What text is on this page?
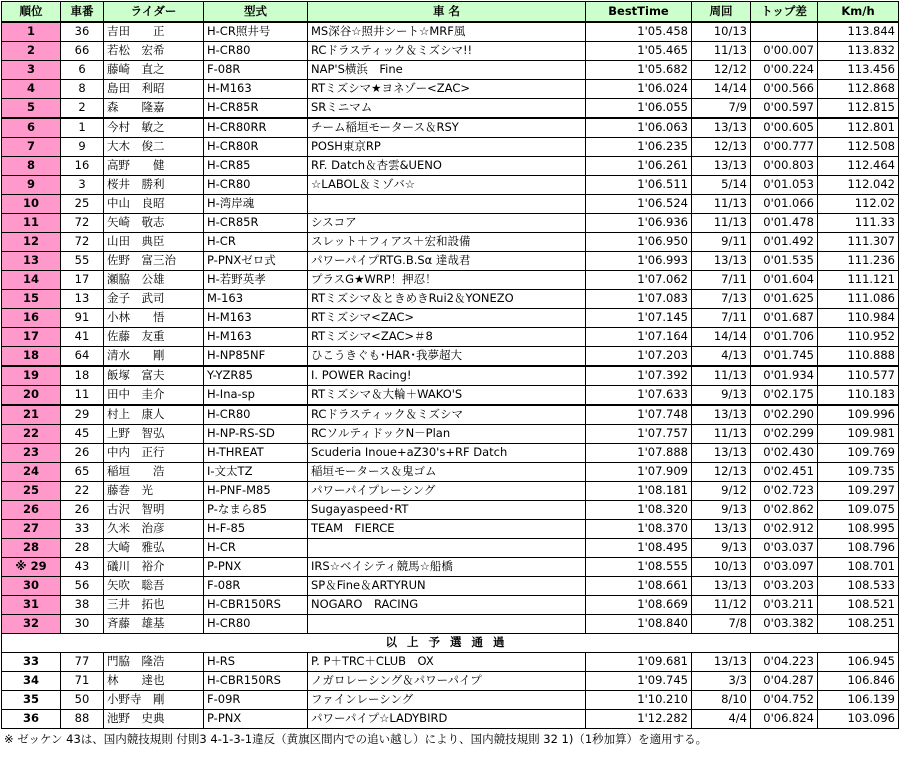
順位	車番	ライダー	型式	車 名	BestTime	周回	トップ差	Km/h
1	36	吉田　　正	H-CR照井号	MS深谷☆照井シート☆MRF風	1'05.458	10/13		113.844
2	66	若松　宏希	H-CR80	RCドラスティック＆ミズシマ!!	1'05.465	11/13	0'00.007	113.832
3	6	藤崎　直之	F-08R	NAP'S横浜　Fine	1'05.682	12/12	0'00.224	113.456
4	8	島田　利昭	H-M163	RTミズシマ★ヨネゾー<ZAC>	1'06.024	14/14	0'00.566	112.868
5	2	森　　隆嘉	H-CR85R	SRミニマム	1'06.055	7/9	0'00.597	112.815
6	1	今村　敏之	H-CR80RR	チーム稲垣モータース＆RSY	1'06.063	13/13	0'00.605	112.801
7	9	大木　俊二	H-CR80R	POSH東京RP	1'06.235	12/13	0'00.777	112.508
8	16	高野　　健	H-CR85	RF. Datch＆杏雲&UENO	1'06.261	13/13	0'00.803	112.464
9	3	桜井　勝利	H-CR80	☆LABOL＆ミゾバ☆	1'06.511	5/14	0'01.053	112.042
10	25	中山　良昭	H-湾岸魂		1'06.524	11/13	0'01.066	112.02
11	72	矢崎　敬志	H-CR85R	シスコア	1'06.936	11/13	0'01.478	111.33
12	72	山田　典臣	H-CR	スレット＋フィアス＋宏和設備	1'06.950	9/11	0'01.492	111.307
13	55	佐野　富三治	P-PNXゼロ式	パワーパイプRTG.B.Sα 達哉君	1'06.993	13/13	0'01.535	111.236
14	17	瀬脇　公雄	H-若野英孝	プラスG★WRP！押忍！	1'07.062	7/11	0'01.604	111.121
15	13	金子　武司	M-163	RTミズシマ＆ときめきRui2＆YONEZO	1'07.083	7/13	0'01.625	111.086
16	91	小林　　悟	H-M163	RTミズシマ<ZAC>	1'07.145	7/11	0'01.687	110.984
17	41	佐藤　友重	H-M163	RTミズシマ<ZAC>＃8	1'07.164	14/14	0'01.706	110.952
18	64	清水　　剛	H-NP85NF	ひこうきぐも･HAR･我夢超大	1'07.203	4/13	0'01.745	110.888
19	18	飯塚　富夫	Y-YZR85	I. POWER Racing!	1'07.392	11/13	0'01.934	110.577
20	11	田中　圭介	H-Ina-sp	RTミズシマ＆大輪＋WAKO'S	1'07.633	9/13	0'02.175	110.183
21	29	村上　康人	H-CR80	RCドラスティック＆ミズシマ	1'07.748	13/13	0'02.290	109.996
22	45	上野　智弘	H-NP-RS-SD	RCソルティドックN－Plan	1'07.757	11/13	0'02.299	109.981
23	26	中内　正行	H-THREAT	Scuderia Inoue+aZ30's+RF Datch	1'07.888	13/13	0'02.430	109.769
24	65	稲垣　　浩	I-文太TZ	稲垣モータース＆鬼ゴム	1'07.909	12/13	0'02.451	109.735
25	22	藤巻　光	H-PNF-M85	パワーパイプレーシング	1'08.181	9/12	0'02.723	109.297
26	26	古沢　智明	P-なまら85	Sugayaspeed･RT	1'08.320	9/13	0'02.862	109.075
27	33	久米　治彦	H-F-85	TEAM　FIERCE	1'08.370	13/13	0'02.912	108.995
28	28	大崎　雅弘	H-CR		1'08.495	9/13	0'03.037	108.796
※ 29	43	礒川　裕介	P-PNX	IRS☆ベイシティ競馬☆船橋	1'08.555	10/13	0'03.097	108.701
30	56	矢吹　聡吾	F-08R	SP＆Fine＆ARTYRUN	1'08.661	13/13	0'03.203	108.533
31	38	三井　拓也	H-CBR150RS	NOGARO　RACING	1'08.669	11/12	0'03.211	108.521
32	30	斉藤　雄基	H-CR80		1'08.840	7/8	0'03.382	108.251
以上予選通過								
33	77	門脇　隆浩	H-RS	P. P＋TRC＋CLUB　OX	1'09.681	13/13	0'04.223	106.945
34	71	林　　達也	H-CBR150RS	ノガロレーシング＆パワーパイプ	1'09.745	3/3	0'04.287	106.846
35	50	小野寺　剛	F-09R	ファインレーシング	1'10.210	8/10	0'04.752	106.139
36	88	池野　史典	P-PNX	パワーパイプ☆LADYBIRD	1'12.282	4/4	0'06.824	103.096
※ ゼッケン 43は、国内競技規則 付則3 4-1-3-1違反（黄旗区間内での追い越し）により、国内競技規則 32 1)（1秒加算）を適用する。
